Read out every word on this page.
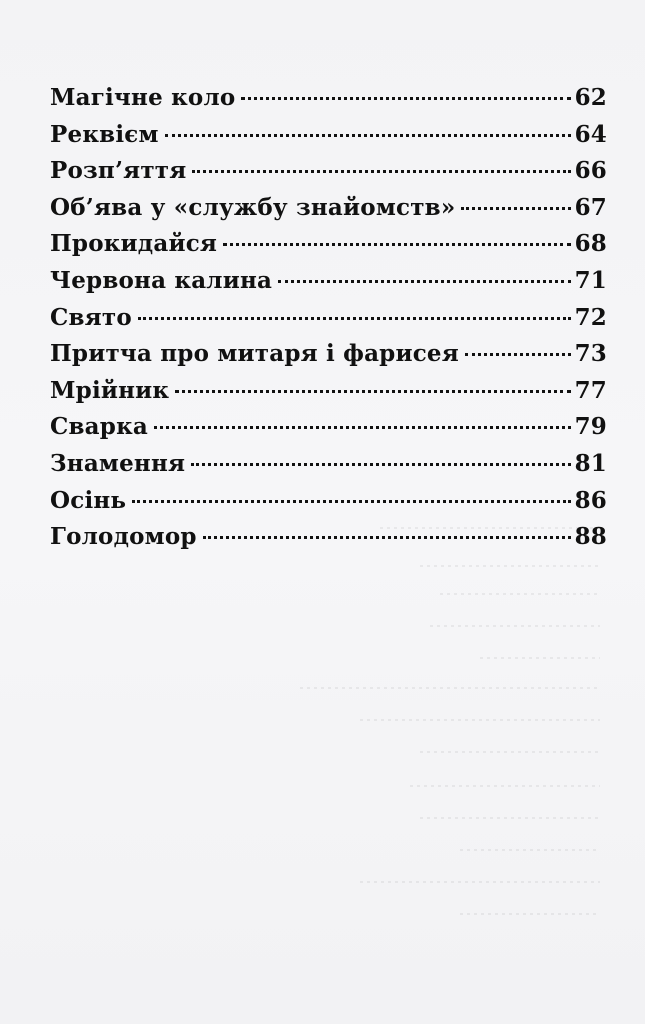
Магічне коло	62
Реквієм	64
Розп’яття	66
Об’ява у «службу знайомств»	67
Прокидайся	68
Червона калина	71
Свято	72
Притча про митаря і фарисея	73
Мрійник	77
Сварка	79
Знамення	81
Осінь	86
Голодомор	88
